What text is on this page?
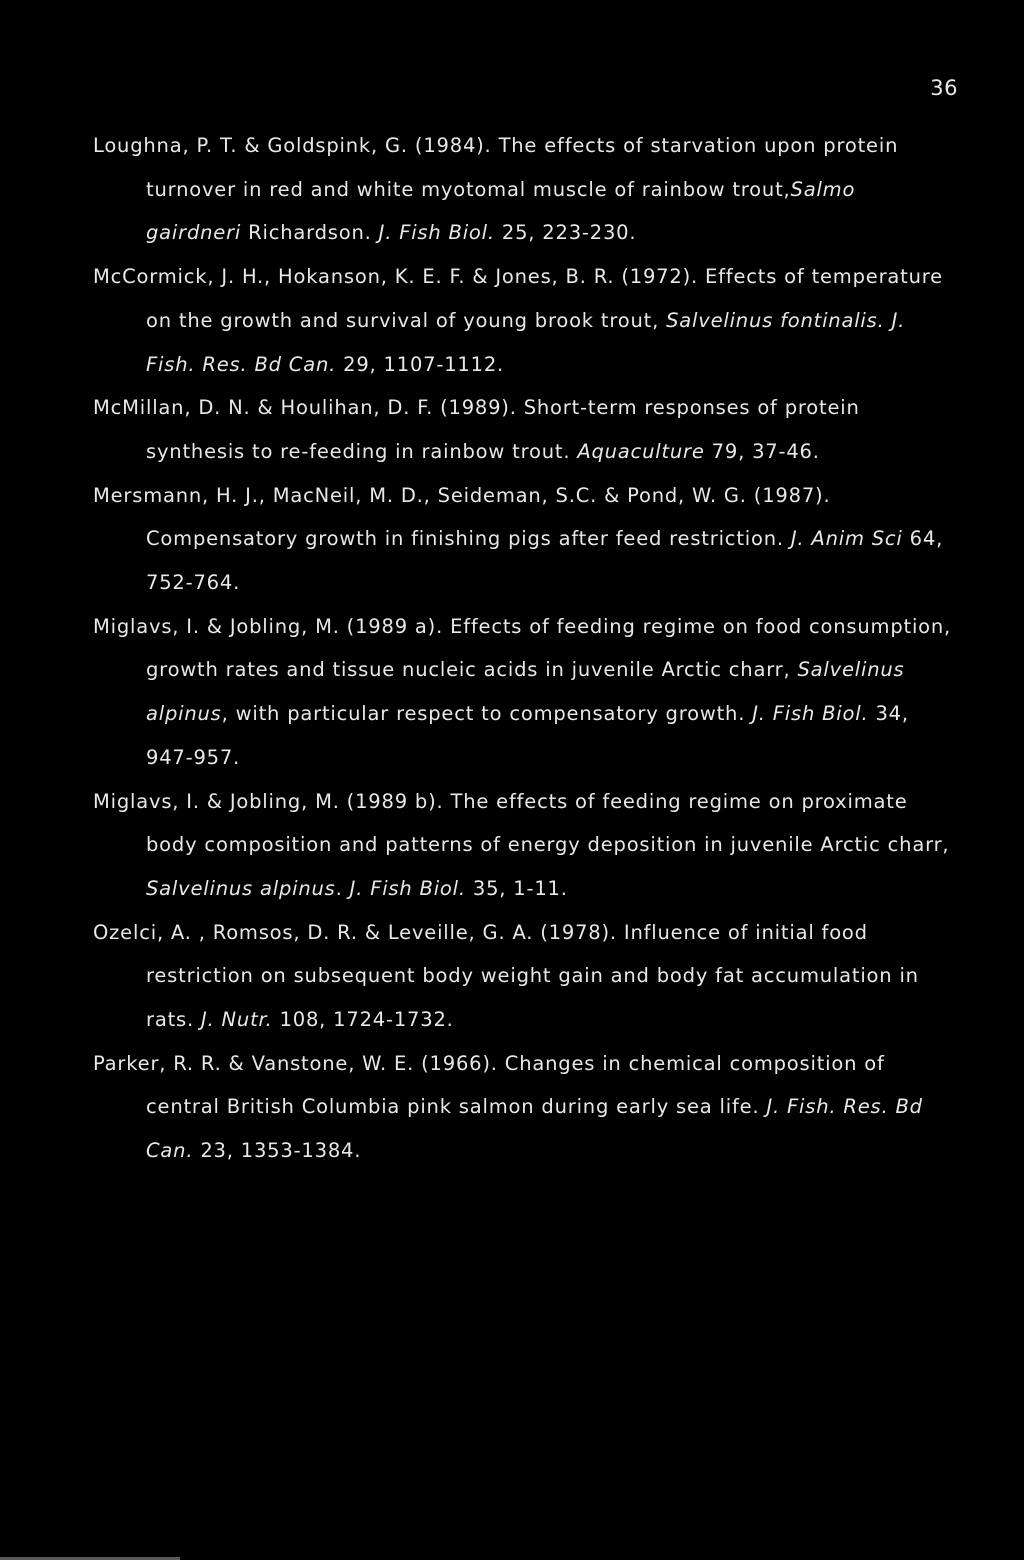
36
Loughna, P. T. & Goldspink, G. (1984). The effects of starvation upon protein turnover in red and white myotomal muscle of rainbow trout,Salmo gairdneri Richardson. J. Fish Biol. 25, 223-230.
McCormick, J. H., Hokanson, K. E. F. & Jones, B. R. (1972). Effects of temperature on the growth and survival of young brook trout, Salvelinus fontinalis. J. Fish. Res. Bd Can. 29, 1107-1112.
McMillan, D. N. & Houlihan, D. F. (1989). Short-term responses of protein synthesis to re-feeding in rainbow trout. Aquaculture 79, 37-46.
Mersmann, H. J., MacNeil, M. D., Seideman, S.C. & Pond, W. G. (1987). Compensatory growth in finishing pigs after feed restriction. J. Anim Sci 64, 752-764.
Miglavs, I. & Jobling, M. (1989 a). Effects of feeding regime on food consumption, growth rates and tissue nucleic acids in juvenile Arctic charr, Salvelinus alpinus, with particular respect to compensatory growth. J. Fish Biol. 34, 947-957.
Miglavs, I. & Jobling, M. (1989 b). The effects of feeding regime on proximate body composition and patterns of energy deposition in juvenile Arctic charr, Salvelinus alpinus. J. Fish Biol. 35, 1-11.
Ozelci, A. , Romsos, D. R. & Leveille, G. A. (1978). Influence of initial food restriction on subsequent body weight gain and body fat accumulation in rats. J. Nutr. 108, 1724-1732.
Parker, R. R. & Vanstone, W. E. (1966). Changes in chemical composition of central British Columbia pink salmon during early sea life. J. Fish. Res. Bd Can. 23, 1353-1384.
